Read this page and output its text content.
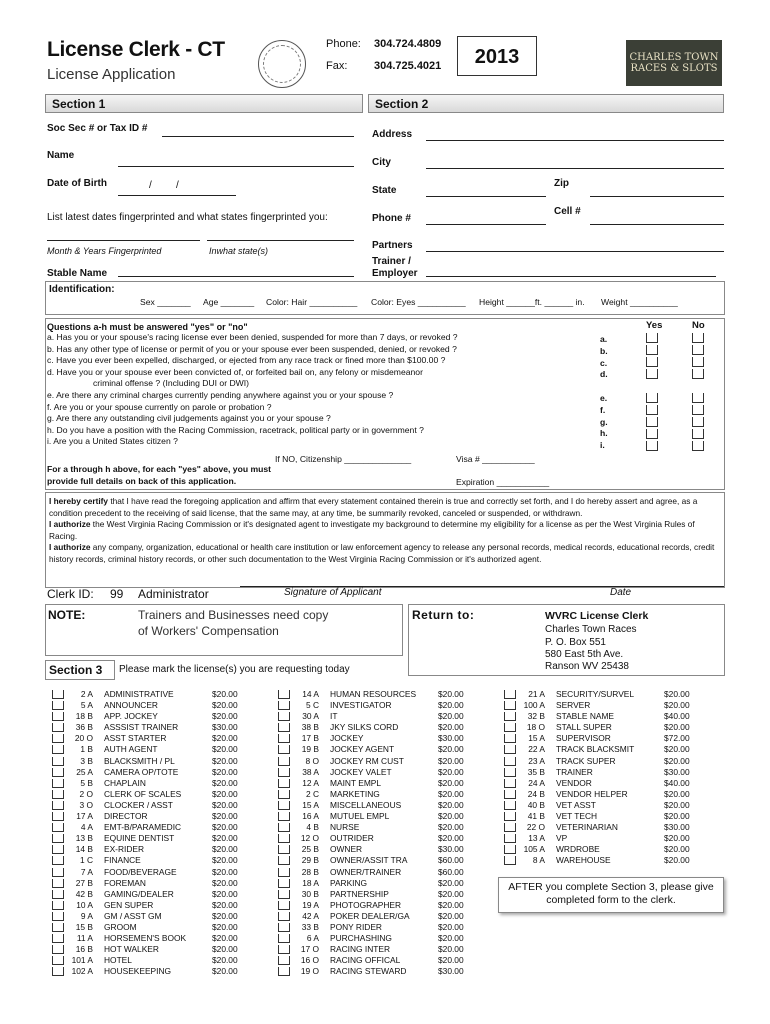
License Clerk - CT
License Application
Phone: 304.724.4809
Fax: 304.725.4021	2013	CHARLES TOWN RACES & SLOTS
Section 1	Section 2
Soc Sec # or Tax ID #
Name
Date of Birth	/ /
List latest dates fingerprinted and what states fingerprinted you:
Month & Years Fingerprinted	Inwhat state(s)
Stable Name
Address
City
State
Zip
Phone #
Cell #
Partners
Trainer /
Employer
Identification:
Sex _______ Age _______ Color: Hair __________ Color: Eyes __________ Height ______ft. ______ in. Weight __________
Questions a-h must be answered "yes" or "no"	Yes	No
a. Has you or your spouse's racing license ever been denied, suspended for more than 7 days, or revoked ?
b. Has any other type of license or permit of you or your spouse ever been suspended, denied, or revoked ?
c. Have you ever been expelled, discharged, or ejected from any race track or fined more than $100.00 ?
d. Have you or your spouse ever been convicted of, or forfeited bail on, any felony or misdemeanor
criminal offense ? (Including DUI or DWI)
e. Are there any criminal charges currently pending anywhere against you or your spouse ?
f. Are you or your spouse currently on parole or probation ?
g. Are there any outstanding civil judgements against you or your spouse ?
h. Do you have a position with the Racing Commission, racetrack, political party or in government ?
i. Are you a United States citizen ?
a.
b.
c.
d.
e.
f.
g.
h.
i.
If NO, Citizenship ______________	Visa # ___________
Expiration ___________
For a through h above, for each "yes" above, you must
provide full details on back of this application.
I hereby certify that I have read the foregoing application and affirm that every statement contained therein is true and correctly set forth, and I do hereby assert and agree, as a condition precedent to the receiving of said license, that the same may, at any time, be summarily revoked, canceled or suspended, or withdrawn.
I authorize the West Virginia Racing Commission or it's designated agent to investigate my background to determine my eligibility for a license as per the West Virginia Rules of Racing.
I authorize any company, organization, educational or health care institution or law enforcement agency to release any personal records, medical records, educational records, credit history records, criminal history records, or other such documentation to the West Virginia Racing Commission or it's authorized agent.
Clerk ID: 99 Administrator	Signature of Applicant	Date
NOTE:	Trainers and Businesses need copy
of Workers' Compensation
Return to:	WVRC License Clerk
Charles Town Races
P. O. Box 551
580 East 5th Ave.
Ranson WV 25438
Section 3 Please mark the license(s) you are requesting today
2 A ADMINISTRATIVE	$20.00
5 A ANNOUNCER	$20.00
18 B APP. JOCKEY	$20.00
36 B ASSSIST TRAINER	$30.00
20 O ASST STARTER	$20.00
1 B AUTH AGENT	$20.00
3 B BLACKSMITH / PL	$20.00
25 A CAMERA OP/TOTE	$20.00
5 B CHAPLAIN	$20.00
2 O CLERK OF SCALES	$20.00
3 O CLOCKER / ASST	$20.00
17 A DIRECTOR	$20.00
4 A EMT-B/PARAMEDIC	$20.00
13 B EQUINE DENTIST	$20.00
14 B EX-RIDER	$20.00
1 C FINANCE	$20.00
7 A FOOD/BEVERAGE	$20.00
27 B FOREMAN	$20.00
42 B GAMING/DEALER	$20.00
10 A GEN SUPER	$20.00
9 A GM / ASST GM	$20.00
15 B GROOM	$20.00
11 A HORSEMEN'S BOOK	$20.00
16 B HOT WALKER	$20.00
101 A HOTEL	$20.00
102 A HOUSEKEEPING	$20.00
14 A HUMAN RESOURCES	$20.00
5 C INVESTIGATOR	$20.00
30 A IT	$20.00
38 B JKY SILKS CORD	$20.00
17 B JOCKEY	$30.00
19 B JOCKEY AGENT	$20.00
8 O JOCKEY RM CUST	$20.00
38 A JOCKEY VALET	$20.00
12 A MAINT EMPL	$20.00
2 C MARKETING	$20.00
15 A MISCELLANEOUS	$20.00
16 A MUTUEL EMPL	$20.00
4 B NURSE	$20.00
12 O OUTRIDER	$20.00
25 B OWNER	$30.00
29 B OWNER/ASSIT TRA	$60.00
28 B OWNER/TRAINER	$60.00
18 A PARKING	$20.00
30 B PARTNERSHIP	$20.00
19 A PHOTOGRAPHER	$20.00
42 A POKER DEALER/GA	$20.00
33 B PONY RIDER	$20.00
6 A PURCHASHING	$20.00
17 O RACING INTER	$20.00
16 O RACING OFFICAL	$20.00
19 O RACING STEWARD	$30.00
21 A SECURITY/SURVEL	$20.00
100 A SERVER	$20.00
32 B STABLE NAME	$40.00
18 O STALL SUPER	$20.00
15 A SUPERVISOR	$72.00
22 A TRACK BLACKSMIT	$20.00
23 A TRACK SUPER	$20.00
35 B TRAINER	$30.00
24 A VENDOR	$40.00
24 B VENDOR HELPER	$20.00
40 B VET ASST	$20.00
41 B VET TECH	$20.00
22 O VETERINARIAN	$30.00
13 A VP	$20.00
105 A WRDROBE	$20.00
8 A WAREHOUSE	$20.00
AFTER you complete Section 3, please give completed form to the clerk.
